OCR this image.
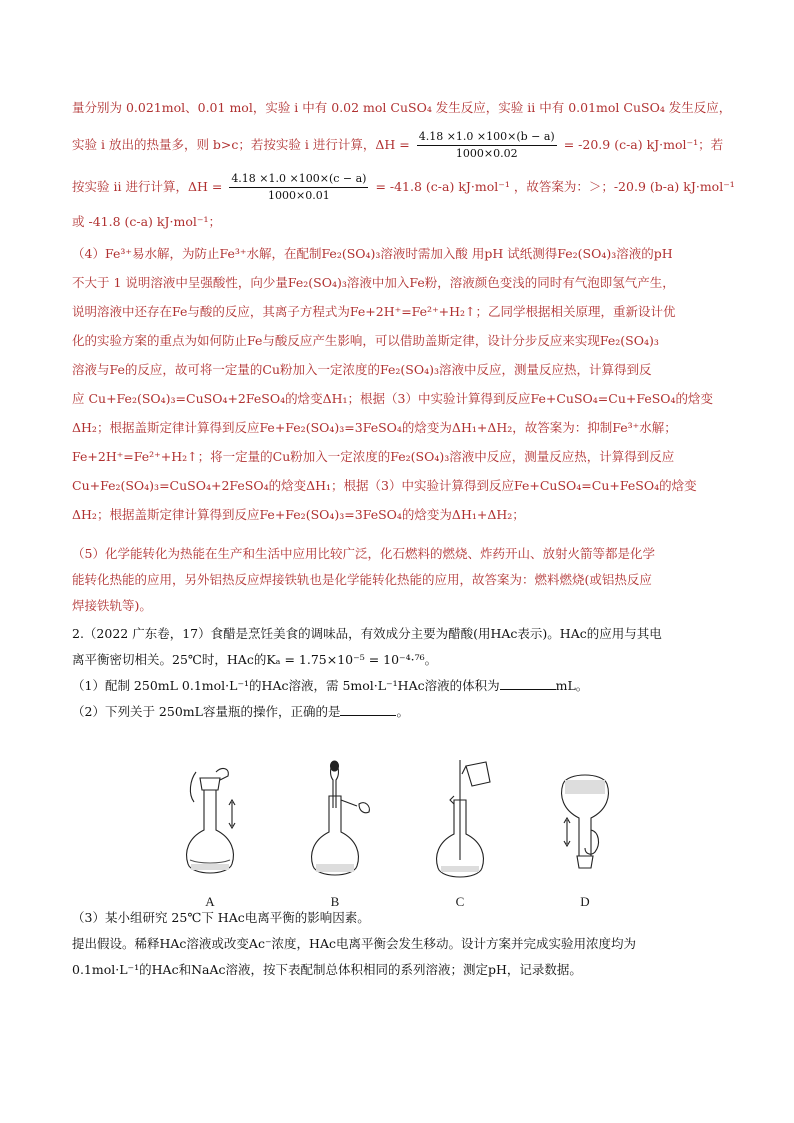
量分别为 0.021mol、0.01 mol，实验 i 中有 0.02 mol CuSO₄ 发生反应，实验 ii 中有 0.01mol CuSO₄ 发生反应，
实验 i 放出的热量多，则 b>c；若按实验 i 进行计算，$\Delta H = \frac{4.18 \times 1.0 \times 100\times(b - a)}{1000\times 0.02} = -20.9$ (c-a) kJ·mol⁻¹；若
按实验 ii 进行计算，$\Delta H = \frac{4.18 \times 1.0 \times 100\times(c - a)}{1000\times 0.01} = -41.8$ (c-a) kJ·mol⁻¹ ，故答案为：＞；-20.9 (b-a) kJ·mol⁻¹
或 -41.8 (c-a) kJ·mol⁻¹；
（4）Fe³⁺易水解，为防止Fe³⁺水解，在配制Fe₂(SO₄)₃溶液时需加入酸 用pH 试纸测得Fe₂(SO₄)₃溶液的pH
不大于 1 说明溶液中呈强酸性，向少量Fe₂(SO₄)₃溶液中加入Fe粉，溶液颜色变浅的同时有气泡即氢气产生，
说明溶液中还存在Fe与酸的反应，其离子方程式为Fe+2H⁺=Fe²⁺+H₂↑；乙同学根据相关原理，重新设计优
化的实验方案的重点为如何防止Fe与酸反应产生影响，可以借助盖斯定律，设计分步反应来实现Fe₂(SO₄)₃
溶液与Fe的反应，故可将一定量的Cu粉加入一定浓度的Fe₂(SO₄)₃溶液中反应，测量反应热，计算得到反
应 Cu+Fe₂(SO₄)₃=CuSO₄+2FeSO₄的焓变ΔH₁；根据（3）中实验计算得到反应Fe+CuSO₄=Cu+FeSO₄的焓变
ΔH₂；根据盖斯定律计算得到反应Fe+Fe₂(SO₄)₃=3FeSO₄的焓变为ΔH₁+ΔH₂，故答案为：抑制Fe³⁺水解；
Fe+2H⁺=Fe²⁺+H₂↑；将一定量的Cu粉加入一定浓度的Fe₂(SO₄)₃溶液中反应，测量反应热，计算得到反应
Cu+Fe₂(SO₄)₃=CuSO₄+2FeSO₄的焓变ΔH₁；根据（3）中实验计算得到反应Fe+CuSO₄=Cu+FeSO₄的焓变
ΔH₂；根据盖斯定律计算得到反应Fe+Fe₂(SO₄)₃=3FeSO₄的焓变为ΔH₁+ΔH₂；
（5）化学能转化为热能在生产和生活中应用比较广泛，化石燃料的燃烧、炸药开山、放射火箭等都是化学
能转化热能的应用，另外铝热反应焊接铁轨也是化学能转化热能的应用，故答案为：燃料燃烧(或铝热反应
焊接铁轨等)。
2.（2022 广东卷，17）食醋是烹饪美食的调味品，有效成分主要为醋酸(用HAc表示)。HAc的应用与其电
离平衡密切相关。25℃时，HAc的Kₐ = 1.75×10⁻⁵ = 10⁻⁴·⁷⁶。
（1）配制 250mL 0.1mol·L⁻¹的HAc溶液，需 5mol·L⁻¹HAc溶液的体积为	mL。
（2）下列关于 250mL容量瓶的操作，正确的是	。
A	B	C	D
（3）某小组研究 25℃下 HAc电离平衡的影响因素。
提出假设。稀释HAc溶液或改变Ac⁻浓度，HAc电离平衡会发生移动。设计方案并完成实验用浓度均为
0.1mol·L⁻¹的HAc和NaAc溶液，按下表配制总体积相同的系列溶液；测定pH，记录数据。
